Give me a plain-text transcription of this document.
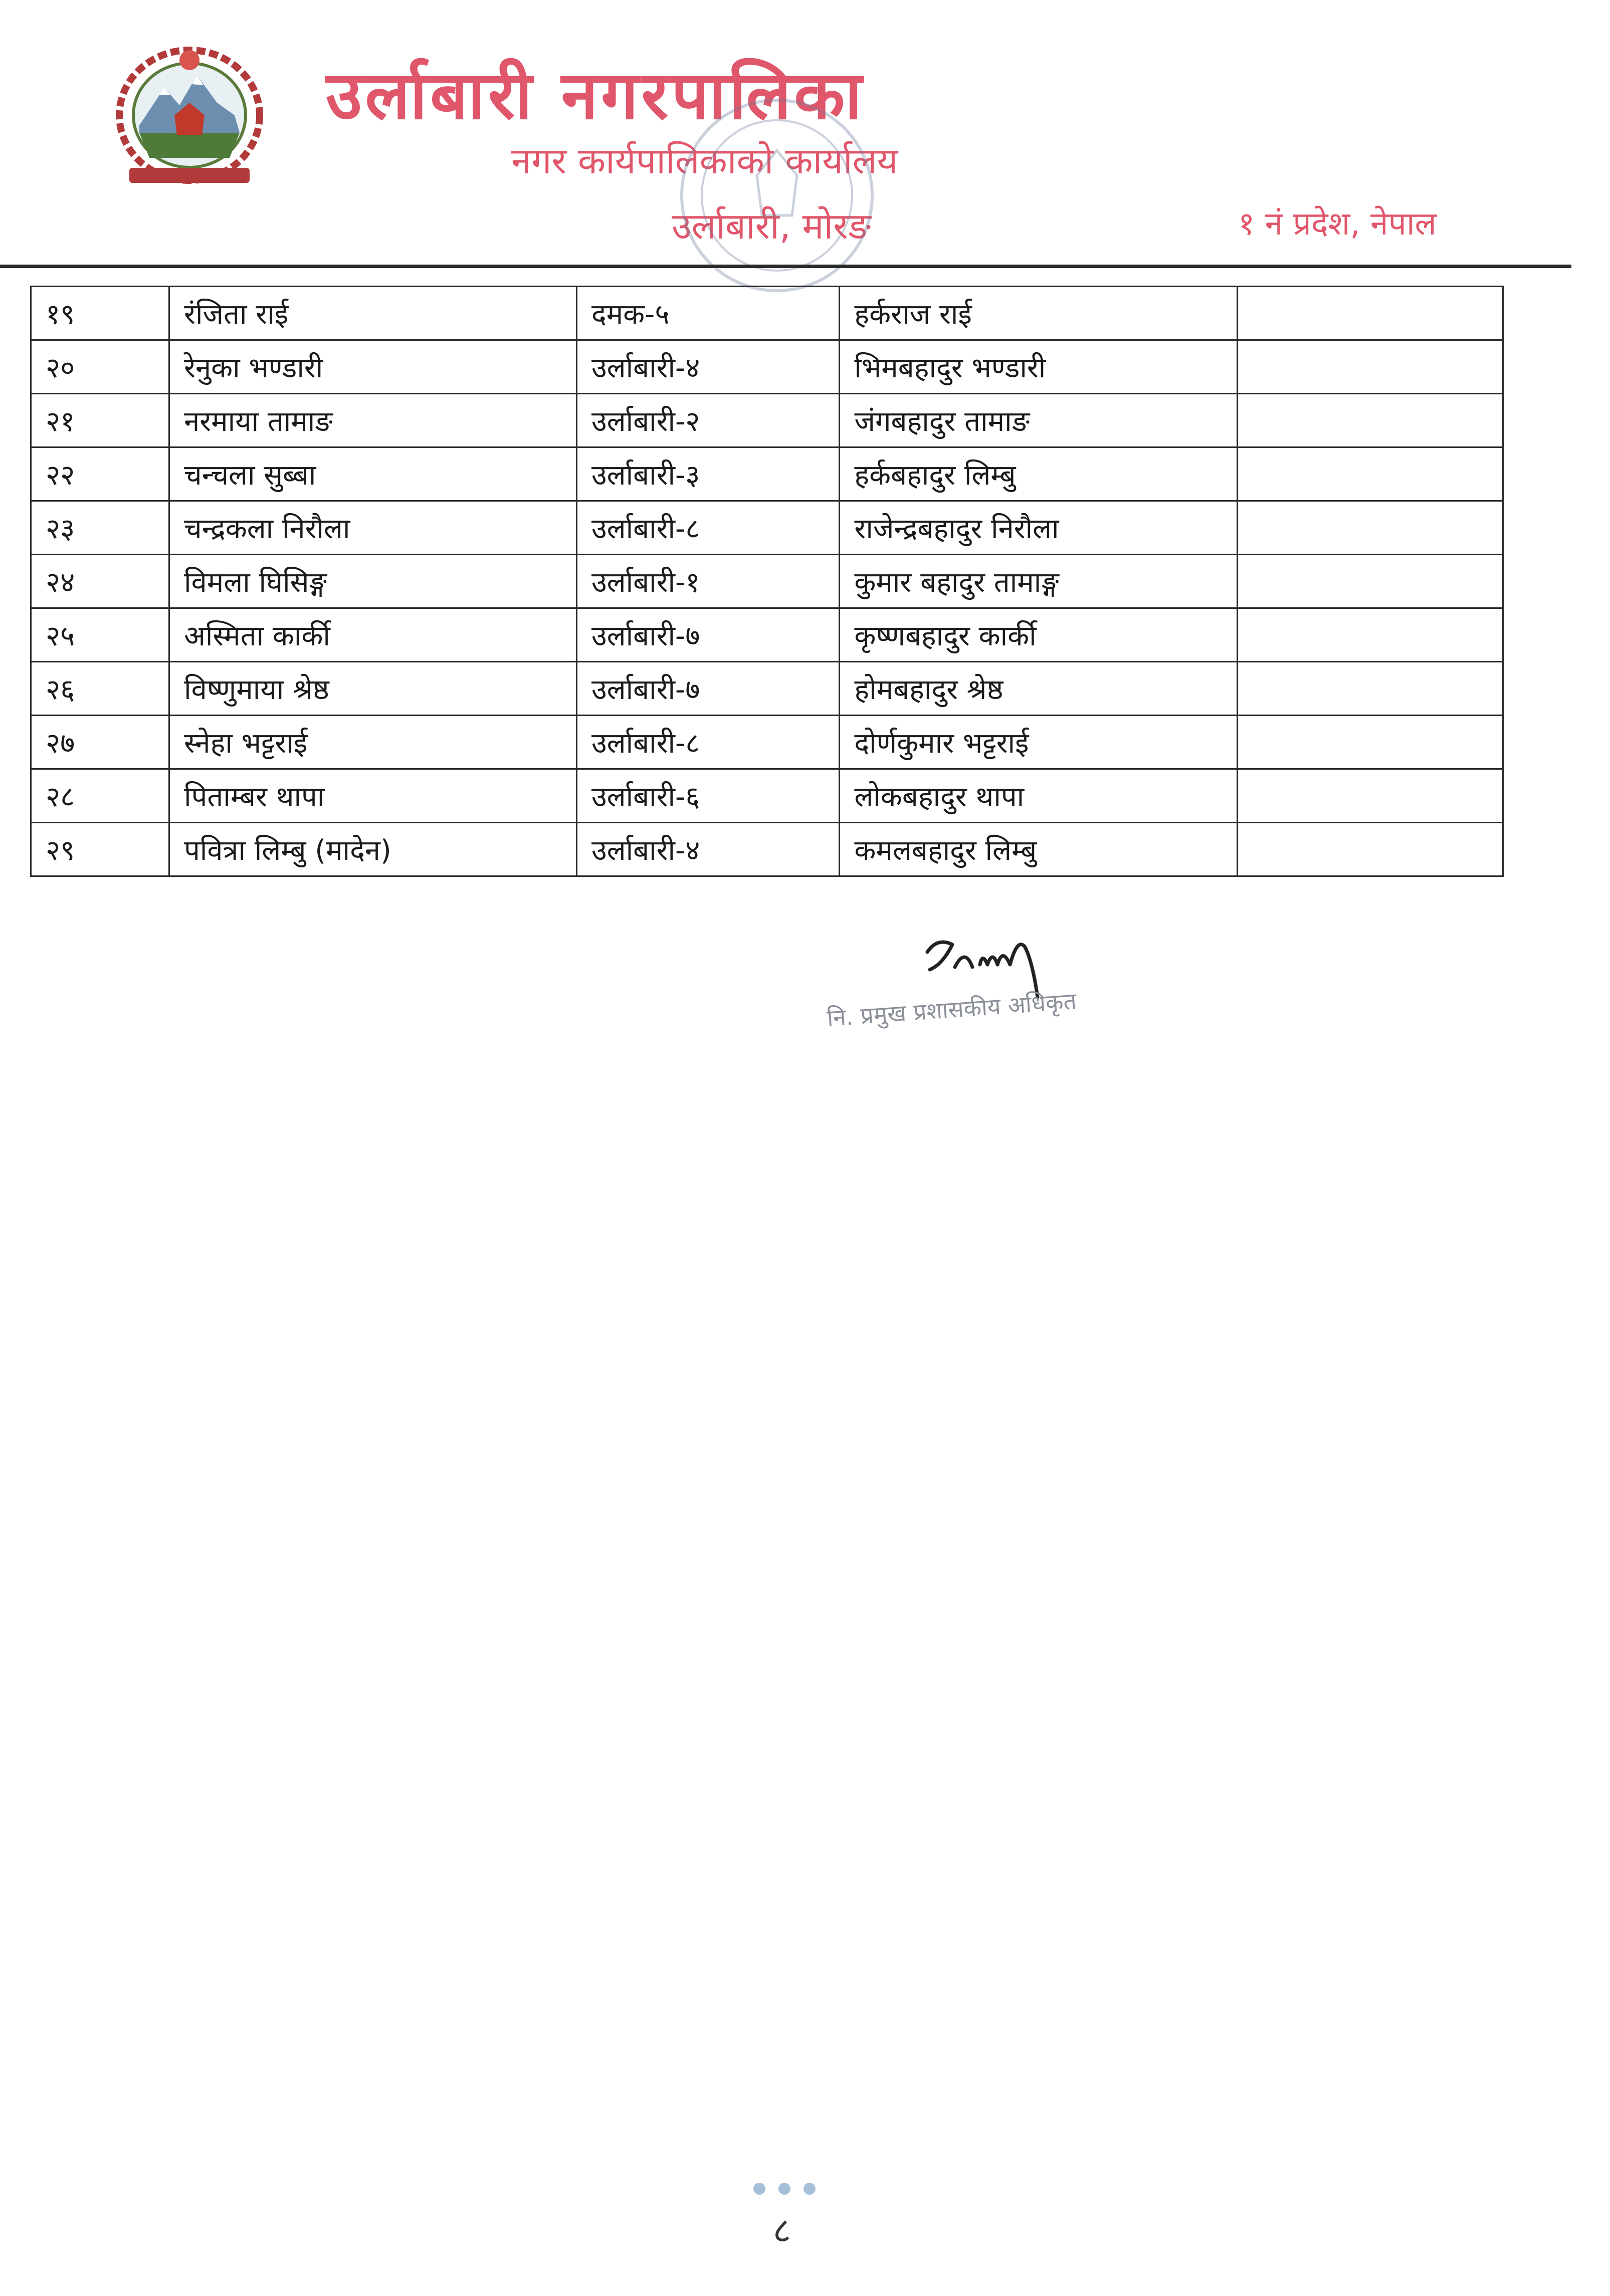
उर्लाबारी नगरपालिका
नगर कार्यपालिकाको कार्यालय
उर्लाबारी, मोरङ	१ नं प्रदेश, नेपाल
१९	रंजिता राई	दमक-५	हर्कराज राई	
२०	रेनुका भण्डारी	उर्लाबारी-४	भिमबहादुर भण्डारी	
२१	नरमाया तामाङ	उर्लाबारी-२	जंगबहादुर तामाङ	
२२	चन्चला सुब्बा	उर्लाबारी-३	हर्कबहादुर लिम्बु	
२३	चन्द्रकला निरौला	उर्लाबारी-८	राजेन्द्रबहादुर निरौला	
२४	विमला घिसिङ्ग	उर्लाबारी-१	कुमार बहादुर तामाङ्ग	
२५	अस्मिता कार्की	उर्लाबारी-७	कृष्णबहादुर कार्की	
२६	विष्णुमाया श्रेष्ठ	उर्लाबारी-७	होमबहादुर श्रेष्ठ	
२७	स्नेहा भट्टराई	उर्लाबारी-८	दोर्णकुमार भट्टराई	
२८	पिताम्बर थापा	उर्लाबारी-६	लोकबहादुर थापा	
२९	पवित्रा लिम्बु (मादेन)	उर्लाबारी-४	कमलबहादुर लिम्बु	
नि. प्रमुख प्रशासकीय अधिकृत
८
